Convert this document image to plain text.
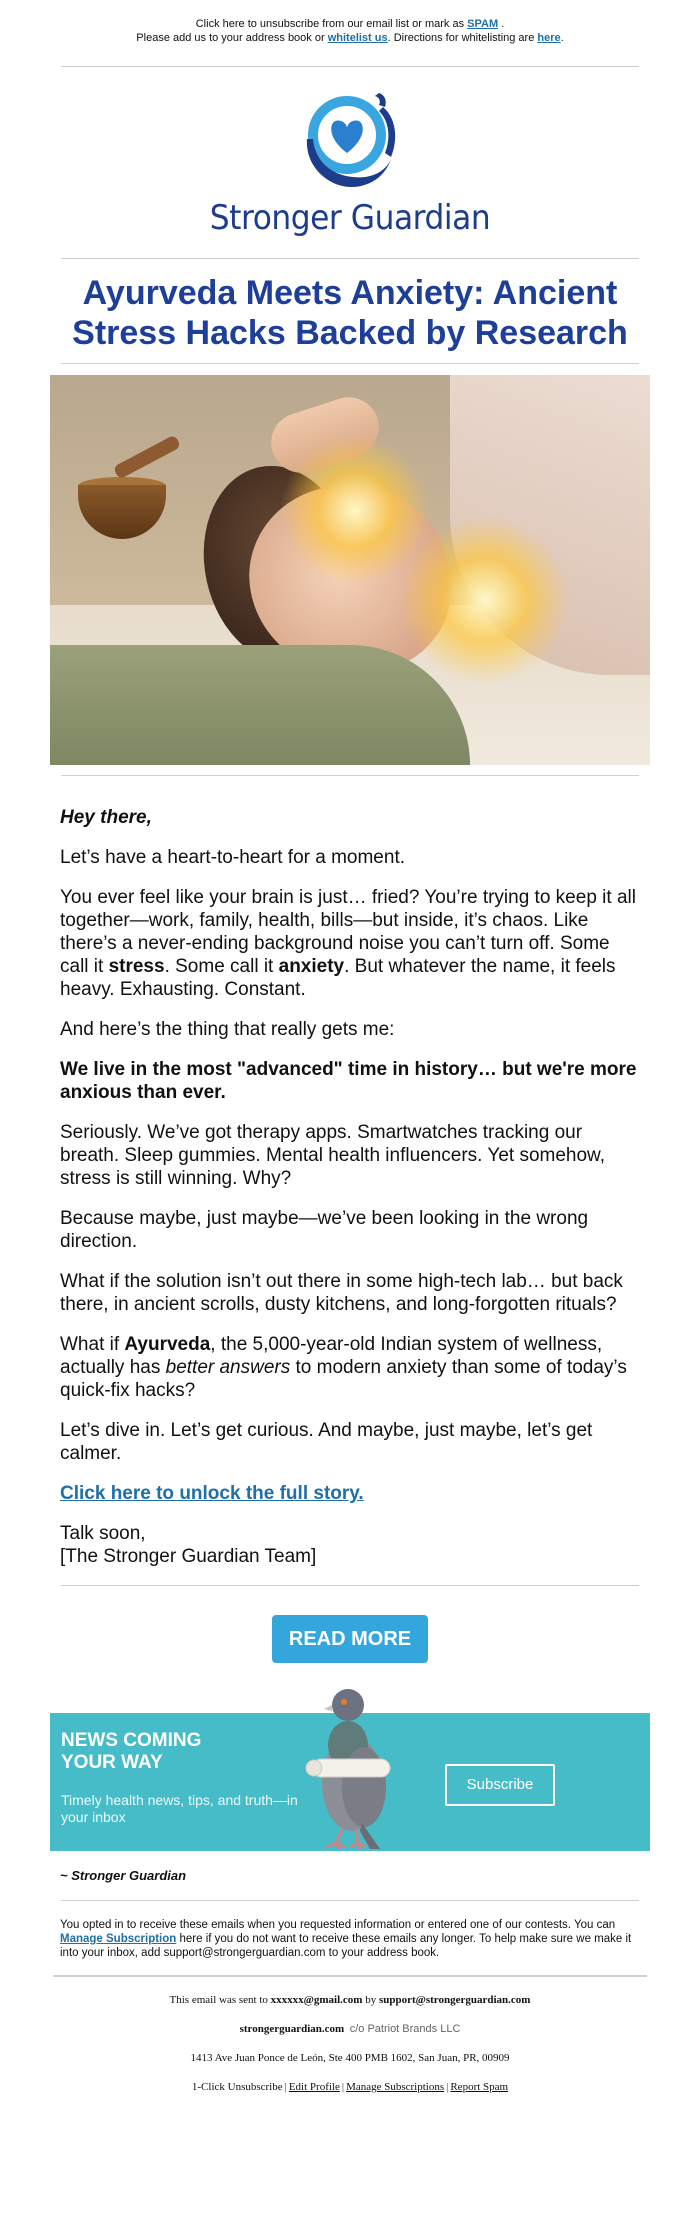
Click here to unsubscribe from our email list or mark as SPAM .
Please add us to your address book or whitelist us. Directions for whitelisting are here.
Stronger Guardian
Ayurveda Meets Anxiety: Ancient Stress Hacks Backed by Research

Hey there,

Let’s have a heart-to-heart for a moment.

You ever feel like your brain is just… fried? You’re trying to keep it all together—work, family, health, bills—but inside, it’s chaos. Like there’s a never-ending background noise you can’t turn off. Some call it stress. Some call it anxiety. But whatever the name, it feels heavy. Exhausting. Constant.

And here’s the thing that really gets me:

We live in the most "advanced" time in history… but we're more anxious than ever.

Seriously. We’ve got therapy apps. Smartwatches tracking our breath. Sleep gummies. Mental health influencers. Yet somehow, stress is still winning. Why?

Because maybe, just maybe—we’ve been looking in the wrong direction.

What if the solution isn’t out there in some high-tech lab… but back there, in ancient scrolls, dusty kitchens, and long-forgotten rituals?

What if Ayurveda, the 5,000-year-old Indian system of wellness, actually has better answers to modern anxiety than some of today’s quick-fix hacks?

Let’s dive in. Let’s get curious. And maybe, just maybe, let’s get calmer.

Click here to unlock the full story.

Talk soon,
[The Stronger Guardian Team]

READ MORE
NEWS COMING YOUR WAY
Timely health news, tips, and truth—in your inbox
Subscribe
~ Stronger Guardian
You opted in to receive these emails when you requested information or entered one of our contests. You can Manage Subscription here if you do not want to receive these emails any longer. To help make sure we make it into your inbox, add support@strongerguardian.com to your address book.
This email was sent to xxxxxx@gmail.com by support@strongerguardian.com
strongerguardian.com c/o Patriot Brands LLC
1413 Ave Juan Ponce de León, Ste 400 PMB 1602, San Juan, PR, 00909
1-Click Unsubscribe | Edit Profile | Manage Subscriptions | Report Spam
